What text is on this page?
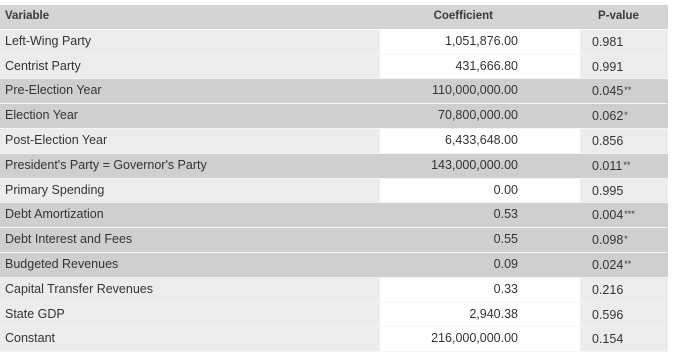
Variable	Coefficient	P-value
Left-Wing Party	1,051,876.00	0.981
Centrist Party	431,666.80	0.991
Pre-Election Year	110,000,000.00	0.045**
Election Year	70,800,000.00	0.062*
Post-Election Year	6,433,648.00	0.856
President's Party = Governor's Party	143,000,000.00	0.011**
Primary Spending	0.00	0.995
Debt Amortization	0.53	0.004***
Debt Interest and Fees	0.55	0.098*
Budgeted Revenues	0.09	0.024**
Capital Transfer Revenues	0.33	0.216
State GDP	2,940.38	0.596
Constant	216,000,000.00	0.154
